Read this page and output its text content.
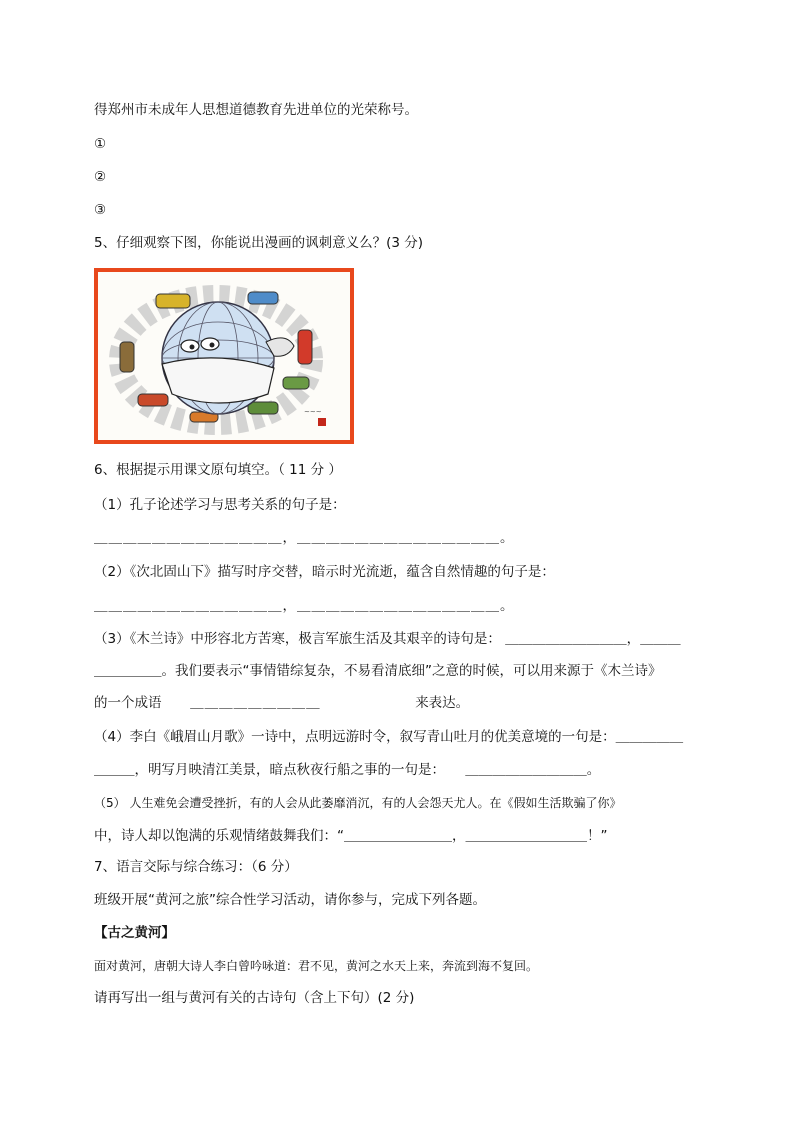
得郑州市未成年人思想道德教育先进单位的光荣称号。
①
②
③
5、仔细观察下图，你能说出漫画的讽刺意义么？(3 分)
~~~
6、根据提示用课文原句填空。（ 11 分 ）
（1）孔子论述学习与思考关系的句子是：
＿＿＿＿＿＿＿＿＿＿＿＿＿，＿＿＿＿＿＿＿＿＿＿＿＿＿＿。
（2）《次北固山下》描写时序交替，暗示时光流逝，蕴含自然情趣的句子是：
＿＿＿＿＿＿＿＿＿＿＿＿＿，＿＿＿＿＿＿＿＿＿＿＿＿＿＿。
（3）《木兰诗》中形容北方苦寒，极言军旅生活及其艰辛的诗句是： ＿＿＿＿＿＿＿＿＿，＿＿＿
＿＿＿＿＿。我们要表示“事情错综复杂，不易看清底细”之意的时候，可以用来源于《木兰诗》
的一个成语 ＿＿＿＿＿＿＿＿＿	来表达。
（4）李白《峨眉山月歌》一诗中，点明远游时令，叙写青山吐月的优美意境的一句是：＿＿＿＿＿
＿＿＿，明写月映清江美景，暗点秋夜行船之事的一句是：　　＿＿＿＿＿＿＿＿＿。
（5） 人生难免会遭受挫折，有的人会从此萎靡消沉，有的人会怨天尤人。在《假如生活欺骗了你》
中，诗人却以饱满的乐观情绪鼓舞我们：“＿＿＿＿＿＿＿＿，＿＿＿＿＿＿＿＿＿！”
7、语言交际与综合练习：（6 分）
班级开展“黄河之旅”综合性学习活动，请你参与，完成下列各题。
【古之黄河】
面对黄河，唐朝大诗人李白曾吟咏道：君不见，黄河之水天上来，奔流到海不复回。
请再写出一组与黄河有关的古诗句（含上下句）(2 分)
